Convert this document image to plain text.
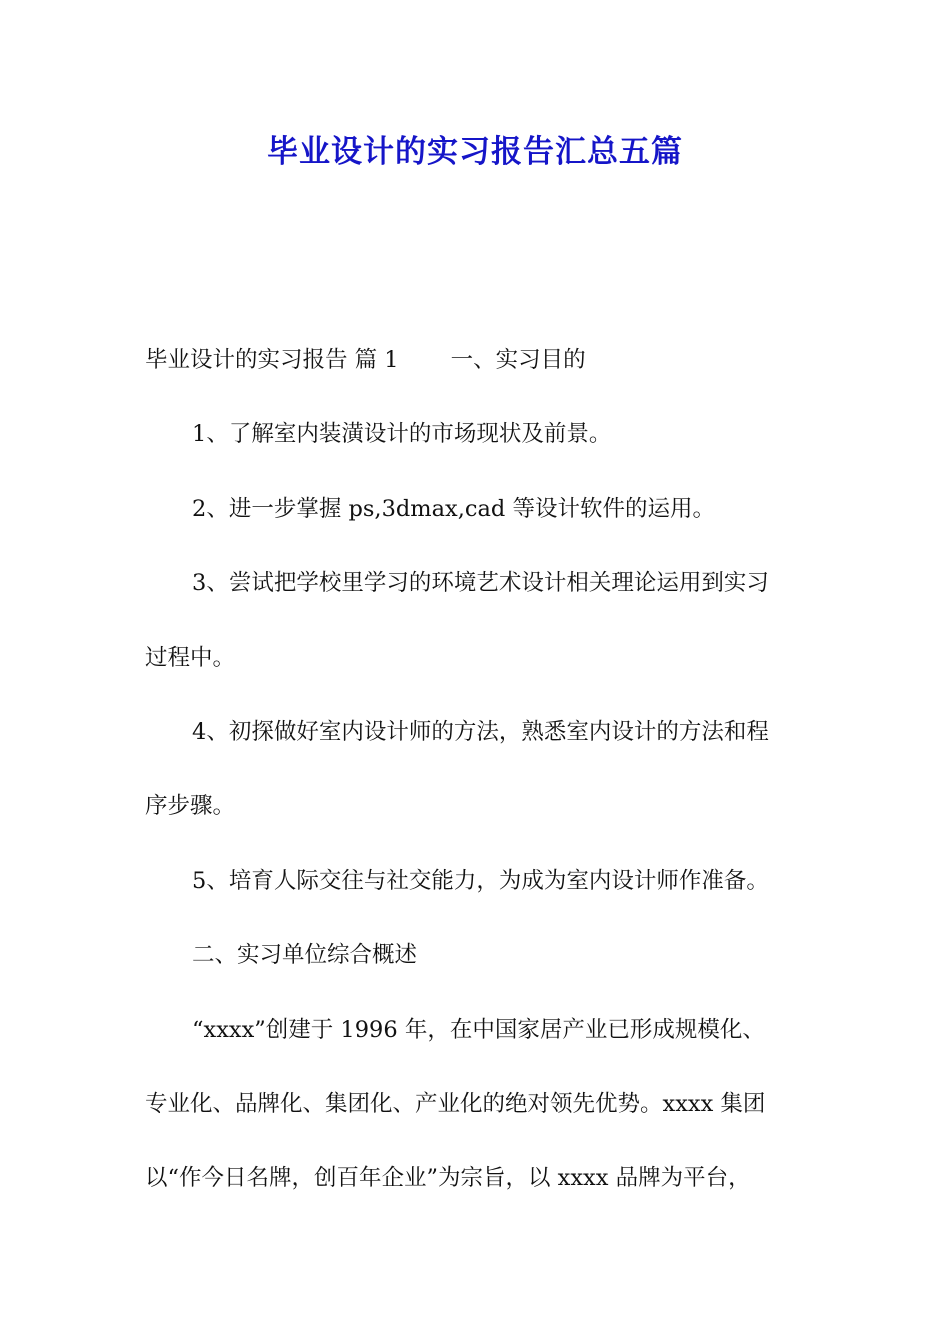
毕业设计的实习报告汇总五篇

毕业设计的实习报告 篇 1 一、实习目的

1、了解室内装潢设计的市场现状及前景。

2、进一步掌握 ps,3dmax,cad 等设计软件的运用。

3、尝试把学校里学习的环境艺术设计相关理论运用到实习

过程中。

4、初探做好室内设计师的方法，熟悉室内设计的方法和程

序步骤。

5、培育人际交往与社交能力，为成为室内设计师作准备。

二、实习单位综合概述

“xxxx”创建于 1996 年，在中国家居产业已形成规模化、

专业化、品牌化、集团化、产业化的绝对领先优势。xxxx 集团

以“作今日名牌，创百年企业”为宗旨，以 xxxx 品牌为平台，
